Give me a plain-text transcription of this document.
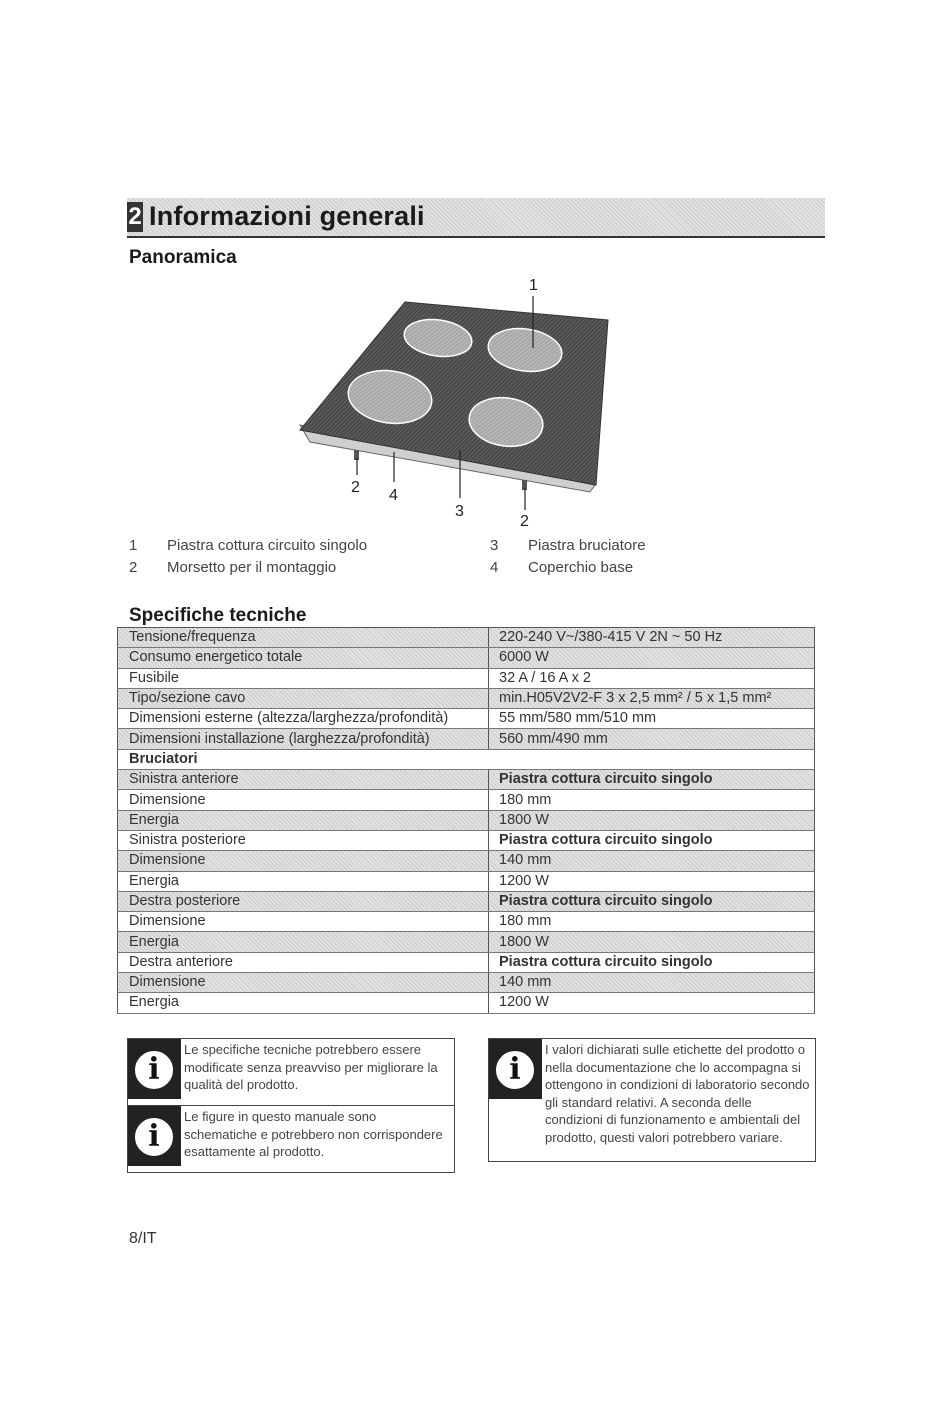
2 Informazioni generali
Panoramica
1
2 4
3
2
1 Piastra cottura circuito singolo
2 Morsetto per il montaggio
3 Piastra bruciatore
4 Coperchio base
Specifiche tecniche
Tensione/frequenza	220-240 V~/380-415 V 2N ~ 50 Hz
Consumo energetico totale	6000 W
Fusibile	32 A / 16 A x 2
Tipo/sezione cavo	min.H05V2V2-F 3 x 2,5 mm² / 5 x 1,5 mm²
Dimensioni esterne (altezza/larghezza/profondità)	55 mm/580 mm/510 mm
Dimensioni installazione (larghezza/profondità)	560 mm/490 mm
Bruciatori	
Sinistra anteriore	Piastra cottura circuito singolo
Dimensione	180 mm
Energia	1800 W
Sinistra posteriore	Piastra cottura circuito singolo
Dimensione	140 mm
Energia	1200 W
Destra posteriore	Piastra cottura circuito singolo
Dimensione	180 mm
Energia	1800 W
Destra anteriore	Piastra cottura circuito singolo
Dimensione	140 mm
Energia	1200 W
i
Le specifiche tecniche potrebbero essere modificate senza preavviso per migliorare la qualità del prodotto.
i
Le figure in questo manuale sono schematiche e potrebbero non corrispondere esattamente al prodotto.
i
I valori dichiarati sulle etichette del prodotto o nella documentazione che lo accompagna si ottengono in condizioni di laboratorio secondo gli standard relativi. A seconda delle condizioni di funzionamento e ambientali del prodotto, questi valori potrebbero variare.
8/IT
